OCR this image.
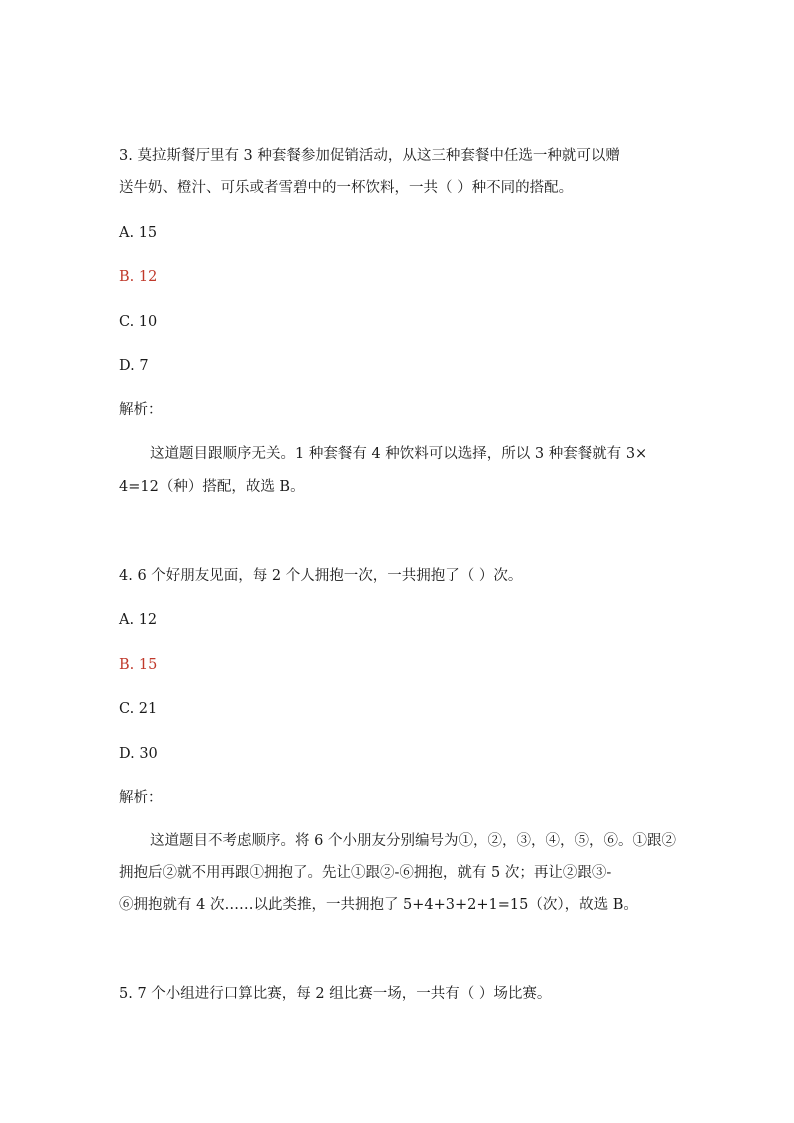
3. 莫拉斯餐厅里有 3 种套餐参加促销活动，从这三种套餐中任选一种就可以赠
送牛奶、橙汁、可乐或者雪碧中的一杯饮料，一共（ ）种不同的搭配。
A. 15
B. 12
C. 10
D. 7
解析：
这道题目跟顺序无关。1 种套餐有 4 种饮料可以选择，所以 3 种套餐就有 3×
4=12（种）搭配，故选 B。
4. 6 个好朋友见面，每 2 个人拥抱一次，一共拥抱了（ ）次。
A. 12
B. 15
C. 21
D. 30
解析：
这道题目不考虑顺序。将 6 个小朋友分别编号为①，②，③，④，⑤，⑥。①跟②
拥抱后②就不用再跟①拥抱了。先让①跟②-⑥拥抱，就有 5 次；再让②跟③-
⑥拥抱就有 4 次……以此类推，一共拥抱了 5+4+3+2+1=15（次），故选 B。
5. 7 个小组进行口算比赛，每 2 组比赛一场，一共有（ ）场比赛。
